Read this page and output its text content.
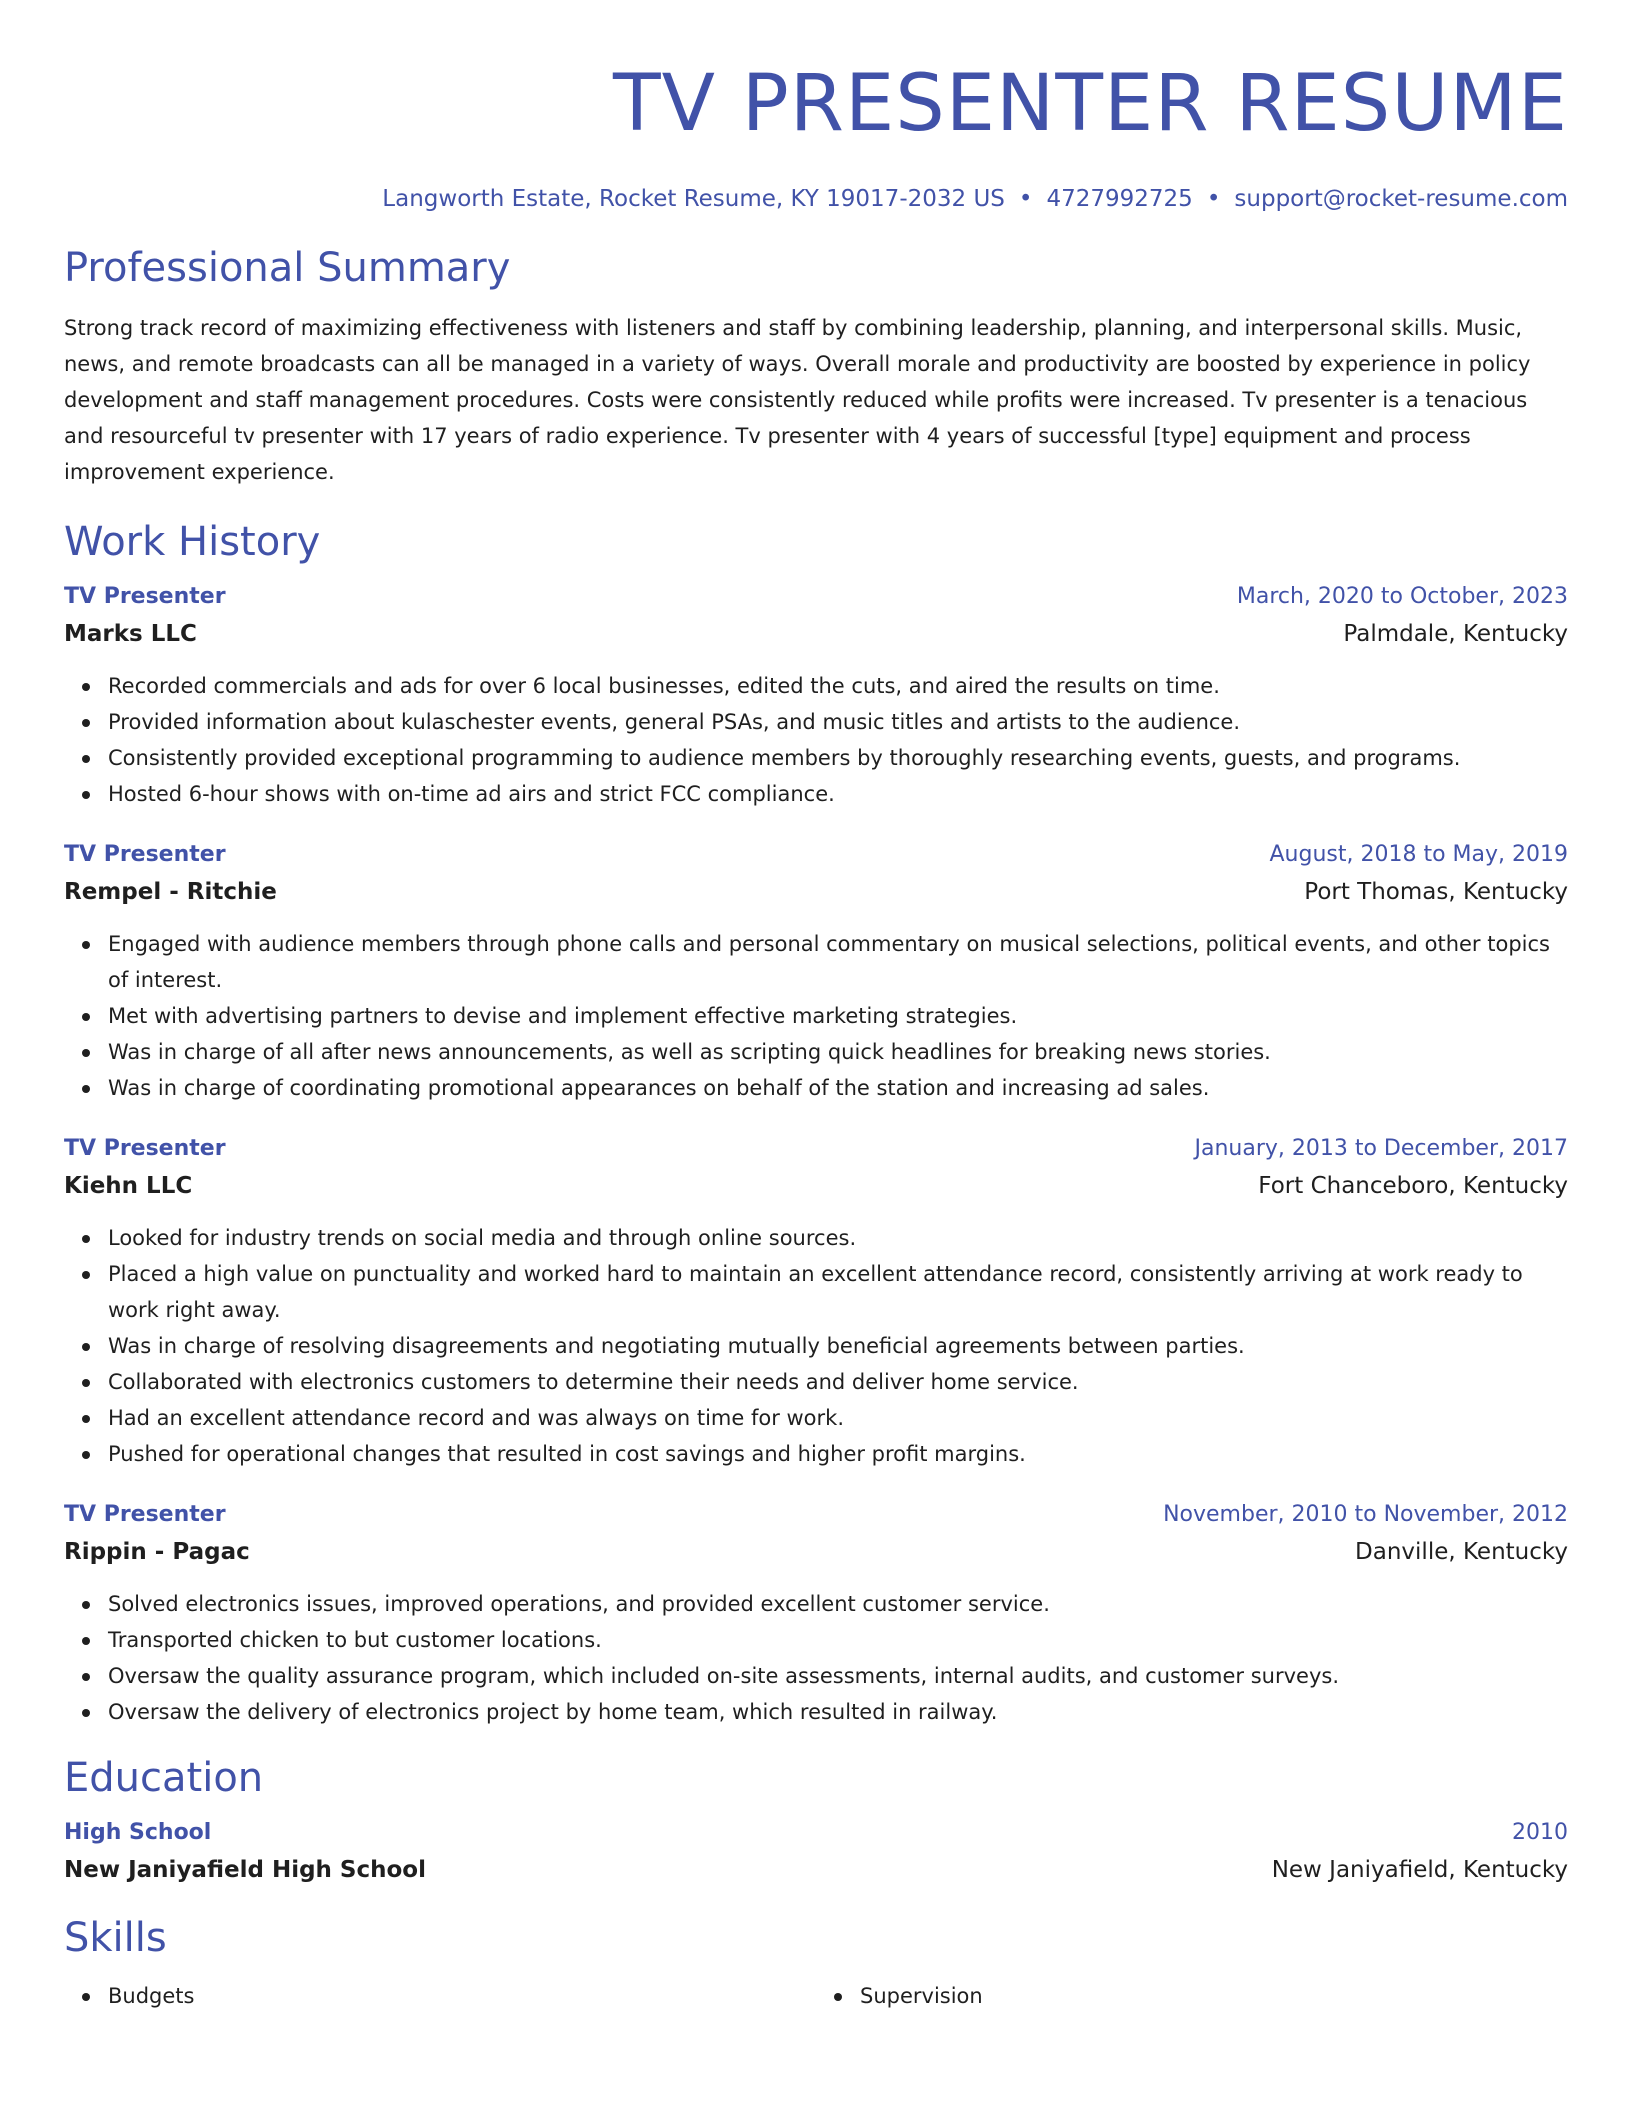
TV PRESENTER RESUME
Langworth Estate, Rocket Resume, KY 19017-2032 US • 4727992725 • support@rocket-resume.com
Professional Summary

Strong track record of maximizing effectiveness with listeners and staff by combining leadership, planning, and interpersonal skills. Music, news, and remote broadcasts can all be managed in a variety of ways. Overall morale and productivity are boosted by experience in policy development and staff management procedures. Costs were consistently reduced while profits were increased. Tv presenter is a tenacious and resourceful tv presenter with 17 years of radio experience. Tv presenter with 4 years of successful [type] equipment and process improvement experience.

Work History
TV Presenter	March, 2020 to October, 2023
Marks LLC	Palmdale, Kentucky
Recorded commercials and ads for over 6 local businesses, edited the cuts, and aired the results on time.
Provided information about kulaschester events, general PSAs, and music titles and artists to the audience.
Consistently provided exceptional programming to audience members by thoroughly researching events, guests, and programs.
Hosted 6-hour shows with on-time ad airs and strict FCC compliance.
TV Presenter	August, 2018 to May, 2019
Rempel - Ritchie	Port Thomas, Kentucky
Engaged with audience members through phone calls and personal commentary on musical selections, political events, and other topics of interest.
Met with advertising partners to devise and implement effective marketing strategies.
Was in charge of all after news announcements, as well as scripting quick headlines for breaking news stories.
Was in charge of coordinating promotional appearances on behalf of the station and increasing ad sales.
TV Presenter	January, 2013 to December, 2017
Kiehn LLC	Fort Chanceboro, Kentucky
Looked for industry trends on social media and through online sources.
Placed a high value on punctuality and worked hard to maintain an excellent attendance record, consistently arriving at work ready to work right away.
Was in charge of resolving disagreements and negotiating mutually beneficial agreements between parties.
Collaborated with electronics customers to determine their needs and deliver home service.
Had an excellent attendance record and was always on time for work.
Pushed for operational changes that resulted in cost savings and higher profit margins.
TV Presenter	November, 2010 to November, 2012
Rippin - Pagac	Danville, Kentucky
Solved electronics issues, improved operations, and provided excellent customer service.
Transported chicken to but customer locations.
Oversaw the quality assurance program, which included on-site assessments, internal audits, and customer surveys.
Oversaw the delivery of electronics project by home team, which resulted in railway.
Education
High School	2010
New Janiyafield High School	New Janiyafield, Kentucky
Skills
Budgets	Supervision
